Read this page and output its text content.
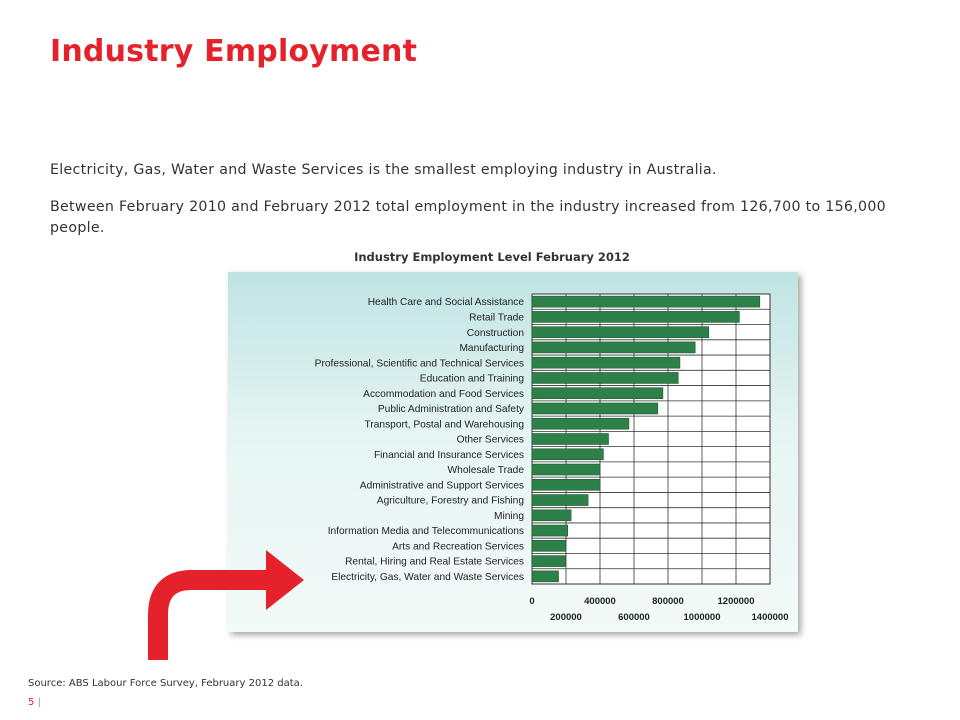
Industry Employment

Electricity, Gas, Water and Waste Services is the smallest employing industry in Australia.

Between February 2010 and February 2012 total employment in the industry increased from 126,700 to 156,000 people.

Industry Employment Level February 2012
Health Care and Social Assistance
Retail Trade
Construction
Manufacturing
Professional, Scientific and Technical Services
Education and Training
Accommodation and Food Services
Public Administration and Safety
Transport, Postal and Warehousing
Other Services
Financial and Insurance Services
Wholesale Trade
Administrative and Support Services
Agriculture, Forestry and Fishing
Mining
Information Media and Telecommunications
Arts and Recreation Services
Rental, Hiring and Real Estate Services
Electricity, Gas, Water and Waste Services
0	400000	800000	1200000
200000	600000	1000000	1400000
Source: ABS Labour Force Survey, February 2012 data.
5 |
